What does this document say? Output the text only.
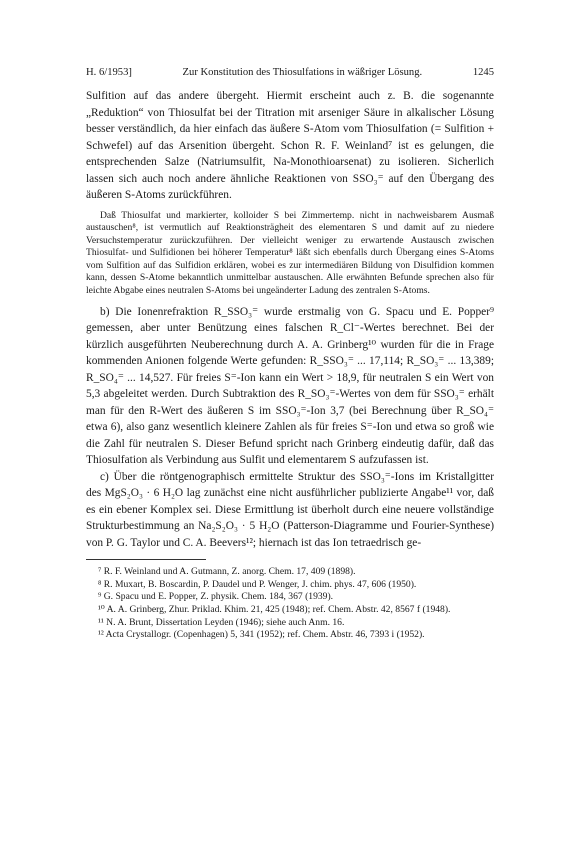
H. 6/1953]	Zur Konstitution des Thiosulfations in wäßriger Lösung.	1245

Sulfition auf das andere übergeht. Hiermit erscheint auch z. B. die sogenannte „Reduktion“ von Thiosulfat bei der Titration mit arseniger Säure in alkalischer Lösung besser verständlich, da hier einfach das äußere S-Atom vom Thiosulfation (= Sulfition + Schwefel) auf das Arsenition übergeht. Schon R. F. Weinland⁷ ist es gelungen, die entsprechenden Salze (Natriumsulfit, Na-Monothioarsenat) zu isolieren. Sicherlich lassen sich auch noch andere ähnliche Reaktionen von SSO₃⁼ auf den Übergang des äußeren S-Atoms zurückführen.

Daß Thiosulfat und markierter, kolloider S bei Zimmertemp. nicht in nachweisbarem Ausmaß austauschen⁸, ist vermutlich auf Reaktionsträgheit des elementaren S und damit auf zu niedere Versuchstemperatur zurückzuführen. Der vielleicht weniger zu erwartende Austausch zwischen Thiosulfat- und Sulfidionen bei höherer Temperatur⁸ läßt sich ebenfalls durch Übergang eines S-Atoms vom Sulfition auf das Sulfidion erklären, wobei es zur intermediären Bildung von Disulfidion kommen kann, dessen S-Atome bekanntlich unmittelbar austauschen. Alle erwähnten Befunde sprechen also für leichte Abgabe eines neutralen S-Atoms bei ungeänderter Ladung des zentralen S-Atoms.

b) Die Ionenrefraktion R_SSO₃⁼ wurde erstmalig von G. Spacu und E. Popper⁹ gemessen, aber unter Benützung eines falschen R_Cl⁻-Wertes berechnet. Bei der kürzlich ausgeführten Neuberechnung durch A. A. Grinberg¹⁰ wurden für die in Frage kommenden Anionen folgende Werte gefunden: R_SSO₃⁼ ... 17,114; R_SO₃⁼ ... 13,389; R_SO₄⁼ ... 14,527. Für freies S⁼-Ion kann ein Wert > 18,9, für neutralen S ein Wert von 5,3 abgeleitet werden. Durch Subtraktion des R_SO₃⁼-Wertes von dem für SSO₃⁼ erhält man für den R-Wert des äußeren S im SSO₃⁼-Ion 3,7 (bei Berechnung über R_SO₄⁼ etwa 6), also ganz wesentlich kleinere Zahlen als für freies S⁼-Ion und etwa so groß wie die Zahl für neutralen S. Dieser Befund spricht nach Grinberg eindeutig dafür, daß das Thiosulfation als Verbindung aus Sulfit und elementarem S aufzufassen ist.

c) Über die röntgenographisch ermittelte Struktur des SSO₃⁼-Ions im Kristallgitter des MgS₂O₃ · 6 H₂O lag zunächst eine nicht ausführlicher publizierte Angabe¹¹ vor, daß es ein ebener Komplex sei. Diese Ermittlung ist überholt durch eine neuere vollständige Strukturbestimmung an Na₂S₂O₃ · 5 H₂O (Patterson-Diagramme und Fourier-Synthese) von P. G. Taylor und C. A. Beevers¹²; hiernach ist das Ion tetraedrisch ge-

⁷ R. F. Weinland und A. Gutmann, Z. anorg. Chem. 17, 409 (1898).

⁸ R. Muxart, B. Boscardin, P. Daudel und P. Wenger, J. chim. phys. 47, 606 (1950).

⁹ G. Spacu und E. Popper, Z. physik. Chem. 184, 367 (1939).

¹⁰ A. A. Grinberg, Zhur. Priklad. Khim. 21, 425 (1948); ref. Chem. Abstr. 42, 8567 f (1948).

¹¹ N. A. Brunt, Dissertation Leyden (1946); siehe auch Anm. 16.

¹² Acta Crystallogr. (Copenhagen) 5, 341 (1952); ref. Chem. Abstr. 46, 7393 i (1952).
